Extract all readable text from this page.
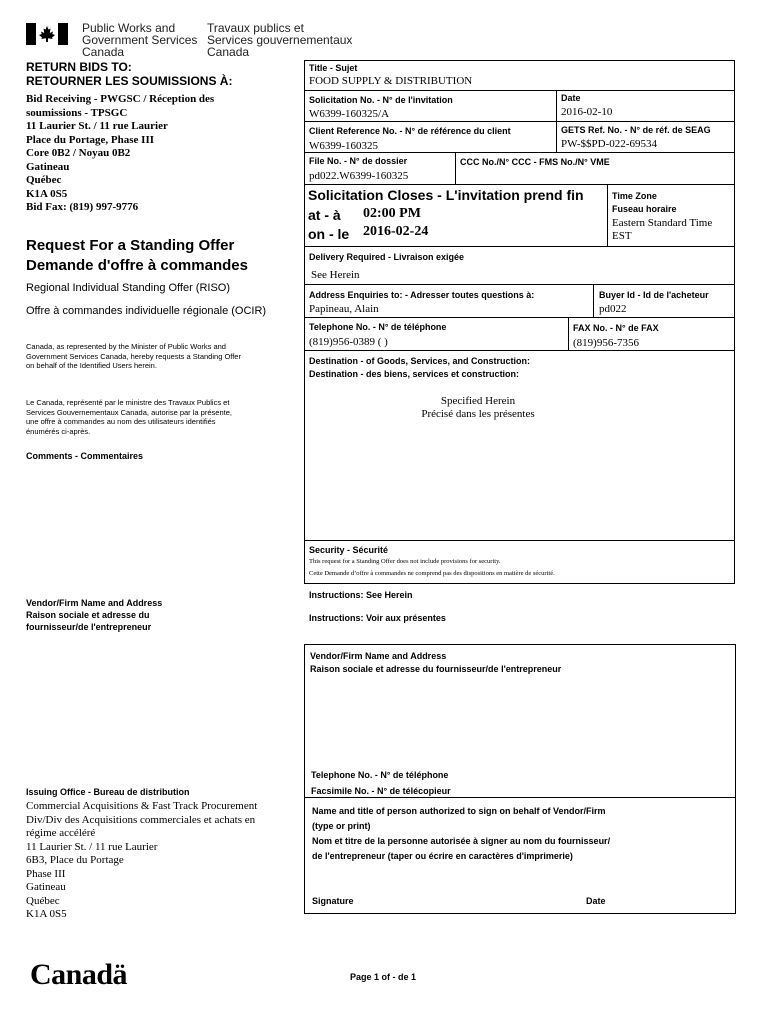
Public Works and
Government Services
Canada
Travaux publics et
Services gouvernementaux
Canada
RETURN BIDS TO:
RETOURNER LES SOUMISSIONS À:
Bid Receiving - PWGSC / Réception des
soumissions - TPSGC
11 Laurier St. / 11 rue Laurier
Place du Portage, Phase III
Core 0B2 / Noyau 0B2
Gatineau
Québec
K1A 0S5
Bid Fax: (819) 997-9776
Request For a Standing Offer
Demande d'offre à commandes
Regional Individual Standing Offer (RISO)
Offre à commandes individuelle régionale (OCIR)
Canada, as represented by the Minister of Public Works and
Government Services Canada, hereby requests a Standing Offer
on behalf of the Identified Users herein.
Le Canada, représenté par le ministre des Travaux Publics et
Services Gouvernementaux Canada, autorise par la présente,
une offre à commandes au nom des utilisateurs identifiés
énumérés ci-après.
Comments - Commentaires
Vendor/Firm Name and Address
Raison sociale et adresse du
fournisseur/de l'entrepreneur
Issuing Office - Bureau de distribution
Commercial Acquisitions & Fast Track Procurement
Div/Div des Acquisitions commerciales et achats en
régime accéléré
11 Laurier St. / 11 rue Laurier
6B3, Place du Portage
Phase III
Gatineau
Québec
K1A 0S5
Title - Sujet
FOOD SUPPLY & DISTRIBUTION
Solicitation No. - N° de l'invitation
W6399-160325/A
Date
2016-02-10
Client Reference No. - N° de référence du client
W6399-160325
GETS Ref. No. - N° de réf. de SEAG
PW-$$PD-022-69534
File No. - N° de dossier
pd022.W6399-160325
CCC No./N° CCC - FMS No./N° VME
Solicitation Closes - L'invitation prend fin
at - à 02:00 PM
on - le 2016-02-24
Time Zone
Fuseau horaire
Eastern Standard Time
EST
Delivery Required - Livraison exigée
See Herein
Address Enquiries to: - Adresser toutes questions à:
Papineau, Alain
Buyer Id - Id de l'acheteur
pd022
Telephone No. - N° de téléphone
(819)956-0389 ( )
FAX No. - N° de FAX
(819)956-7356
Destination - of Goods, Services, and Construction:
Destination - des biens, services et construction:
Specified Herein
Précisé dans les présentes
Security - Sécurité
This request for a Standing Offer does not include provisions for security.
Cette Demande d’offre à commandes ne comprend pas des dispositions en matière de sécurité.
Instructions: See Herein
Instructions: Voir aux présentes
Vendor/Firm Name and Address
Raison sociale et adresse du fournisseur/de l'entrepreneur
Telephone No. - N° de téléphone
Facsimile No. - N° de télécopieur
Name and title of person authorized to sign on behalf of Vendor/Firm
(type or print)
Nom et titre de la personne autorisée à signer au nom du fournisseur/
de l'entrepreneur (taper ou écrire en caractères d'imprimerie)
Signature	Date
Canadä	Page 1 of - de 1
